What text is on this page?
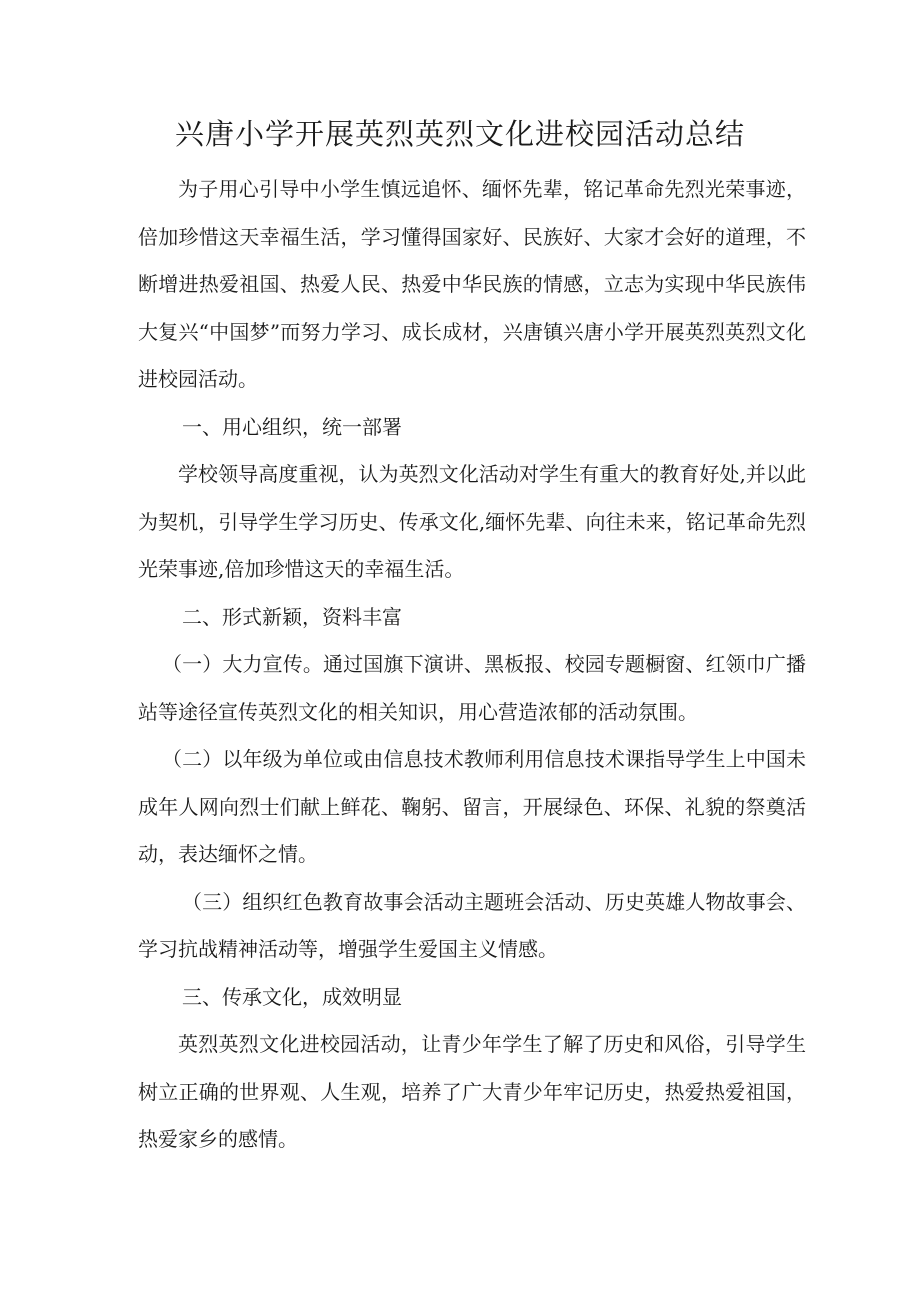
兴唐小学开展英烈英烈文化进校园活动总结

为子用心引导中小学生慎远追怀、缅怀先辈，铭记革命先烈光荣事迹，倍加珍惜这天幸福生活，学习懂得国家好、民族好、大家才会好的道理，不断增进热爱祖国、热爱人民、热爱中华民族的情感，立志为实现中华民族伟大复兴“中国梦”而努力学习、成长成材，兴唐镇兴唐小学开展英烈英烈文化进校园活动。

一、用心组织，统一部署

学校领导高度重视，认为英烈文化活动对学生有重大的教育好处,并以此为契机，引导学生学习历史、传承文化,缅怀先辈、向往未来，铭记革命先烈光荣事迹,倍加珍惜这天的幸福生活。

二、形式新颖，资料丰富

（一）大力宣传。通过国旗下演讲、黑板报、校园专题橱窗、红领巾广播站等途径宣传英烈文化的相关知识，用心营造浓郁的活动氛围。

（二）以年级为单位或由信息技术教师利用信息技术课指导学生上中国未成年人网向烈士们献上鲜花、鞠躬、留言，开展绿色、环保、礼貌的祭奠活动，表达缅怀之情。

（三）组织红色教育故事会活动主题班会活动、历史英雄人物故事会、学习抗战精神活动等，增强学生爱国主义情感。

三、传承文化，成效明显

英烈英烈文化进校园活动，让青少年学生了解了历史和风俗，引导学生树立正确的世界观、人生观，培养了广大青少年牢记历史，热爱热爱祖国，热爱家乡的感情。
